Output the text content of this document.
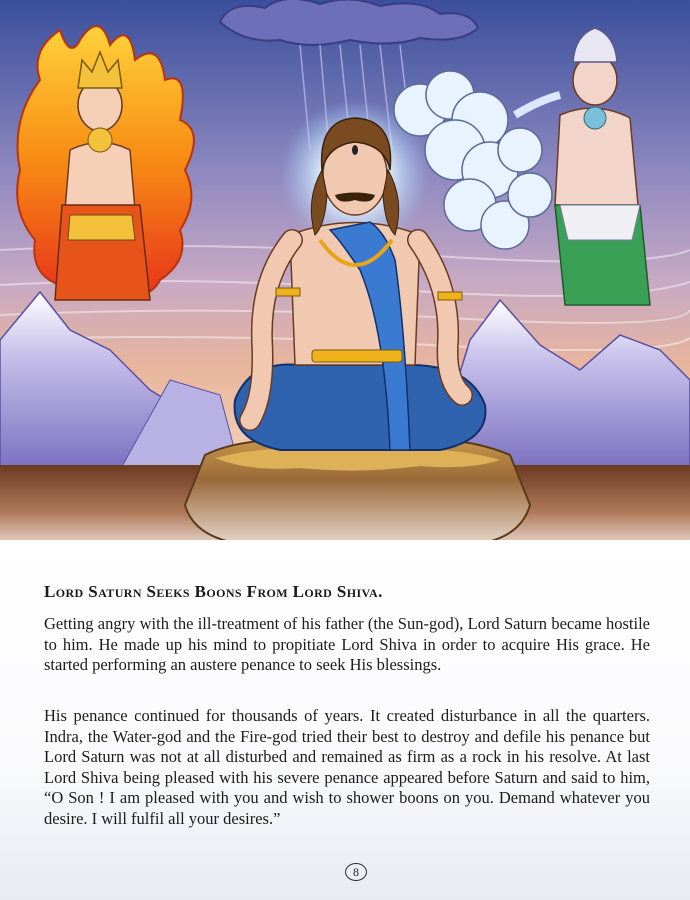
Lord Saturn Seeks Boons From Lord Shiva.

Getting angry with the ill-treatment of his father (the Sun-god), Lord Saturn became hostile to him. He made up his mind to propitiate Lord Shiva in order to acquire His grace. He started performing an austere penance to seek His blessings.

His penance continued for thousands of years. It created disturbance in all the quarters. Indra, the Water-god and the Fire-god tried their best to destroy and defile his penance but Lord Saturn was not at all disturbed and remained as firm as a rock in his resolve. At last Lord Shiva being pleased with his severe penance appeared before Saturn and said to him, “O Son ! I am pleased with you and wish to shower boons on you. Demand whatever you desire. I will fulfil all your desires.”

8
